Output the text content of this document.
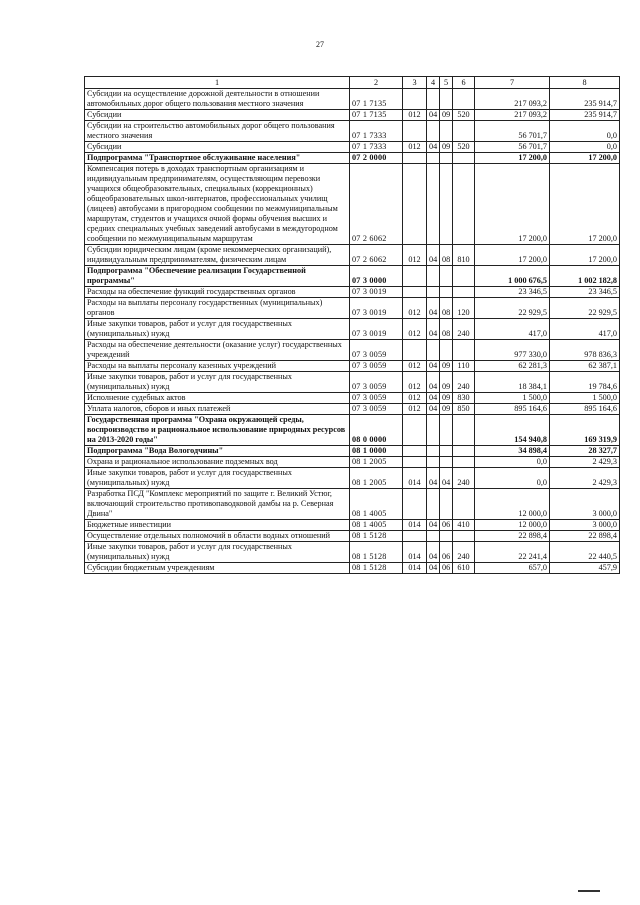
27
1	2	3	4	5	6	7	8
Субсидии на осуществление дорожной деятельности в отношении автомобильных дорог общего пользования местного значения	07 1 7135					217 093,2	235 914,7
Субсидии	07 1 7135	012	04	09	520	217 093,2	235 914,7
Субсидии на строительство автомобильных дорог общего пользования местного значения	07 1 7333					56 701,7	0,0
Субсидии	07 1 7333	012	04	09	520	56 701,7	0,0
Подпрограмма "Транспортное обслуживание населения"	07 2 0000					17 200,0	17 200,0
Компенсация потерь в доходах транспортным организациям и индивидуальным предпринимателям, осуществляющим перевозки учащихся общеобразовательных, специальных (коррекционных) общеобразовательных школ-интернатов, профессиональных училищ (лицеев) автобусами в пригородном сообщении по межмуниципальным маршрутам, студентов и учащихся очной формы обучения высших и средних специальных учебных заведений автобусами в междугородном сообщении по межмуниципальным маршрутам	07 2 6062					17 200,0	17 200,0
Субсидии юридическим лицам (кроме некоммерческих организаций), индивидуальным предпринимателям, физическим лицам	07 2 6062	012	04	08	810	17 200,0	17 200,0
Подпрограмма "Обеспечение реализации Государственной программы"	07 3 0000					1 000 676,5	1 002 182,8
Расходы на обеспечение функций государственных органов	07 3 0019					23 346,5	23 346,5
Расходы на выплаты персоналу государственных (муниципальных) органов	07 3 0019	012	04	08	120	22 929,5	22 929,5
Иные закупки товаров, работ и услуг для государственных (муниципальных) нужд	07 3 0019	012	04	08	240	417,0	417,0
Расходы на обеспечение деятельности (оказание услуг) государственных учреждений	07 3 0059					977 330,0	978 836,3
Расходы на выплаты персоналу казенных учреждений	07 3 0059	012	04	09	110	62 281,3	62 387,1
Иные закупки товаров, работ и услуг для государственных (муниципальных) нужд	07 3 0059	012	04	09	240	18 384,1	19 784,6
Исполнение судебных актов	07 3 0059	012	04	09	830	1 500,0	1 500,0
Уплата налогов, сборов и иных платежей	07 3 0059	012	04	09	850	895 164,6	895 164,6
Государственная программа "Охрана окружающей среды, воспроизводство и рациональное использование природных ресурсов на 2013-2020 годы"	08 0 0000					154 940,8	169 319,9
Подпрограмма "Вода Вологодчины"	08 1 0000					34 898,4	28 327,7
Охрана и рациональное использование подземных вод	08 1 2005					0,0	2 429,3
Иные закупки товаров, работ и услуг для государственных (муниципальных) нужд	08 1 2005	014	04	04	240	0,0	2 429,3
Разработка ПСД "Комплекс мероприятий по защите г. Великий Устюг, включающий строительство противопаводковой дамбы на р. Северная Двина"	08 1 4005					12 000,0	3 000,0
Бюджетные инвестиции	08 1 4005	014	04	06	410	12 000,0	3 000,0
Осуществление отдельных полномочий в области водных отношений	08 1 5128					22 898,4	22 898,4
Иные закупки товаров, работ и услуг для государственных (муниципальных) нужд	08 1 5128	014	04	06	240	22 241,4	22 440,5
Субсидии бюджетным учреждениям	08 1 5128	014	04	06	610	657,0	457,9
